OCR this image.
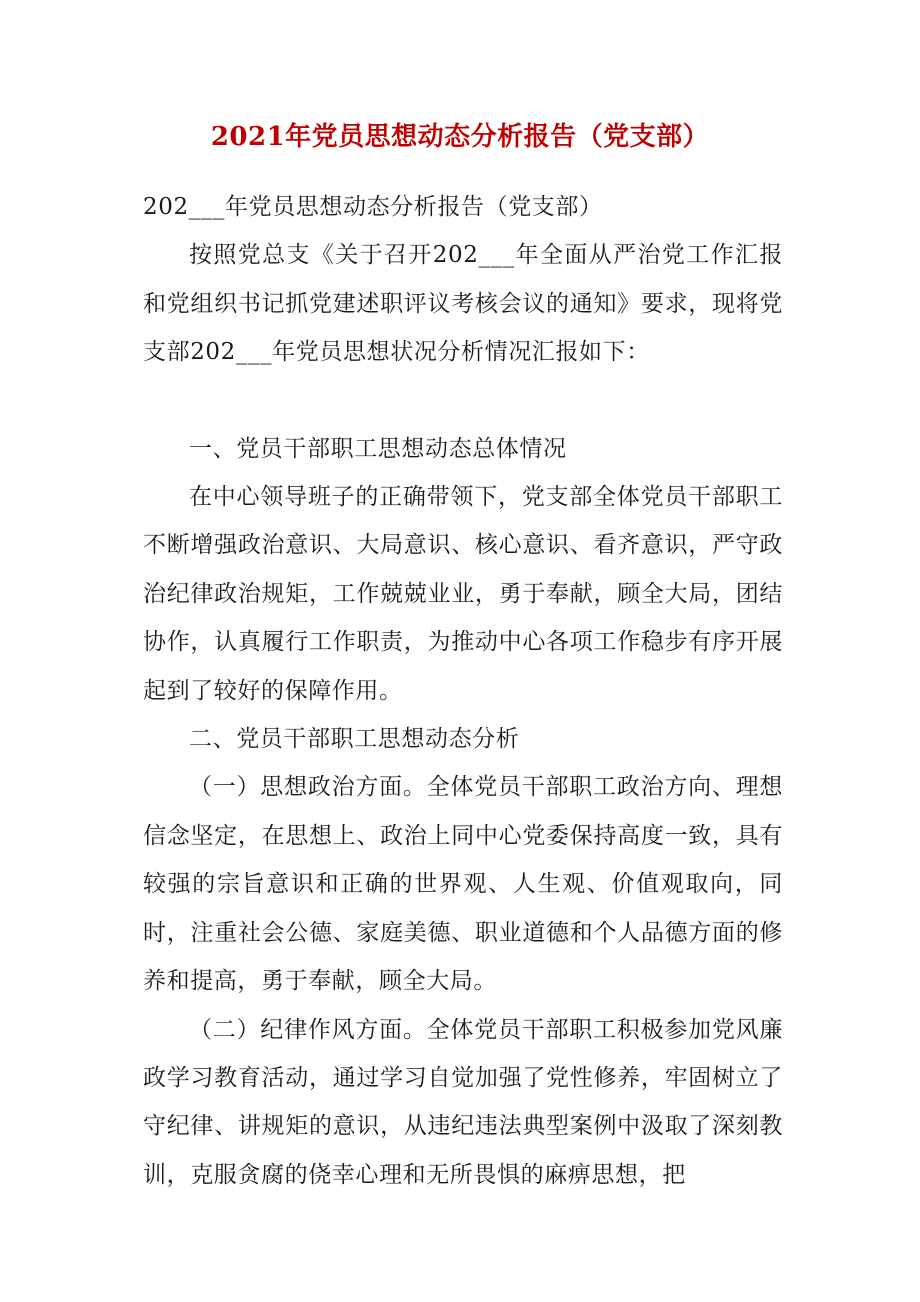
2021年党员思想动态分析报告（党支部）

202___年党员思想动态分析报告（党支部）

按照党总支《关于召开202___年全面从严治党工作汇报和党组织书记抓党建述职评议考核会议的通知》要求，现将党支部202___年党员思想状况分析情况汇报如下：

一、党员干部职工思想动态总体情况

在中心领导班子的正确带领下，党支部全体党员干部职工不断增强政治意识、大局意识、核心意识、看齐意识，严守政治纪律政治规矩，工作兢兢业业，勇于奉献，顾全大局，团结协作，认真履行工作职责，为推动中心各项工作稳步有序开展起到了较好的保障作用。

二、党员干部职工思想动态分析

（一）思想政治方面。全体党员干部职工政治方向、理想信念坚定，在思想上、政治上同中心党委保持高度一致，具有较强的宗旨意识和正确的世界观、人生观、价值观取向，同时，注重社会公德、家庭美德、职业道德和个人品德方面的修养和提高，勇于奉献，顾全大局。

（二）纪律作风方面。全体党员干部职工积极参加党风廉政学习教育活动，通过学习自觉加强了党性修养，牢固树立了守纪律、讲规矩的意识，从违纪违法典型案例中汲取了深刻教训，克服贪腐的侥幸心理和无所畏惧的麻痹思想，把
